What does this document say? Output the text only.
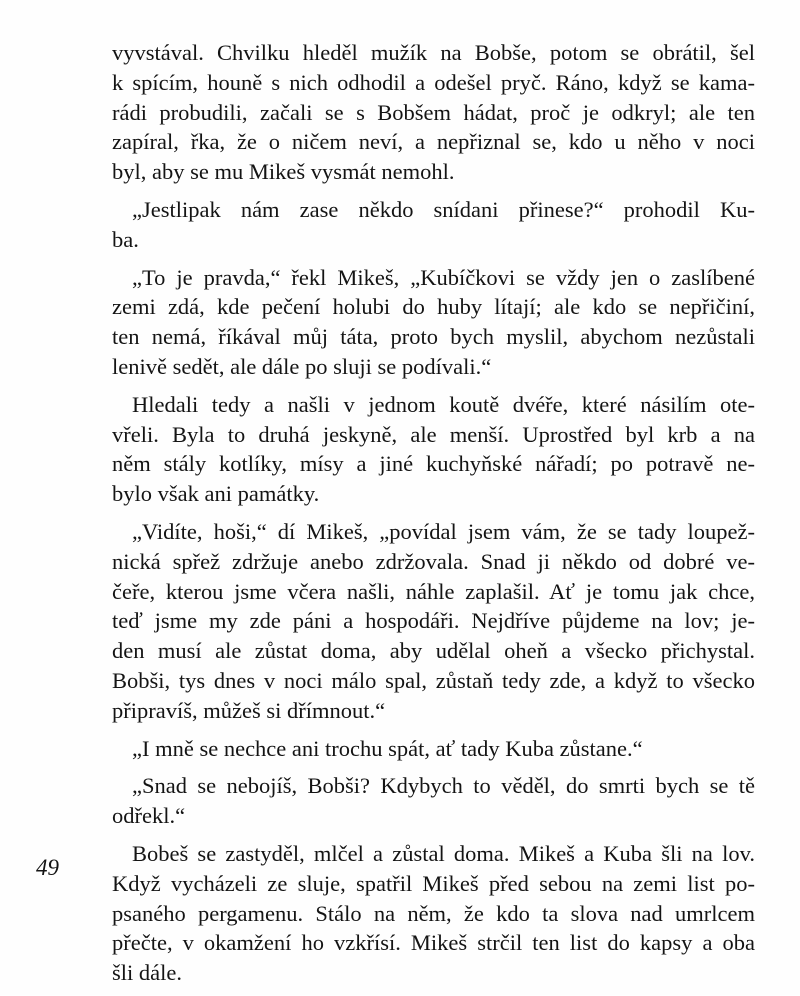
vyvstával. Chvilku hleděl mužík na Bobše, potom se obrátil, šel
k spícím, houně s nich odhodil a odešel pryč. Ráno, když se kama-
rádi probudili, začali se s Bobšem hádat, proč je odkryl; ale ten
zapíral, řka, že o ničem neví, a nepřiznal se, kdo u něho v noci
byl, aby se mu Mikeš vysmát nemohl.
„Jestlipak nám zase někdo snídani přinese?“ prohodil Ku-
ba.
„To je pravda,“ řekl Mikeš, „Kubíčkovi se vždy jen o zaslíbené
zemi zdá, kde pečení holubi do huby lítají; ale kdo se nepřičiní,
ten nemá, říkával můj táta, proto bych myslil, abychom nezůstali
lenivě sedět, ale dále po sluji se podívali.“
Hledali tedy a našli v jednom koutě dvéře, které násilím ote-
vřeli. Byla to druhá jeskyně, ale menší. Uprostřed byl krb a na
něm stály kotlíky, mísy a jiné kuchyňské nářadí; po potravě ne-
bylo však ani památky.
„Vidíte, hoši,“ dí Mikeš, „povídal jsem vám, že se tady loupež-
nická spřež zdržuje anebo zdržovala. Snad ji někdo od dobré ve-
čeře, kterou jsme včera našli, náhle zaplašil. Ať je tomu jak chce,
teď jsme my zde páni a hospodáři. Nejdříve půjdeme na lov; je-
den musí ale zůstat doma, aby udělal oheň a všecko přichystal.
Bobši, tys dnes v noci málo spal, zůstaň tedy zde, a když to všecko
připravíš, můžeš si dřímnout.“
„I mně se nechce ani trochu spát, ať tady Kuba zůstane.“
„Snad se nebojíš, Bobši? Kdybych to věděl, do smrti bych se tě
odřekl.“
Bobeš se zastyděl, mlčel a zůstal doma. Mikeš a Kuba šli na lov.
Když vycházeli ze sluje, spatřil Mikeš před sebou na zemi list po-
psaného pergamenu. Stálo na něm, že kdo ta slova nad umrlcem
přečte, v okamžení ho vzkřísí. Mikeš strčil ten list do kapsy a oba
šli dále.
49
